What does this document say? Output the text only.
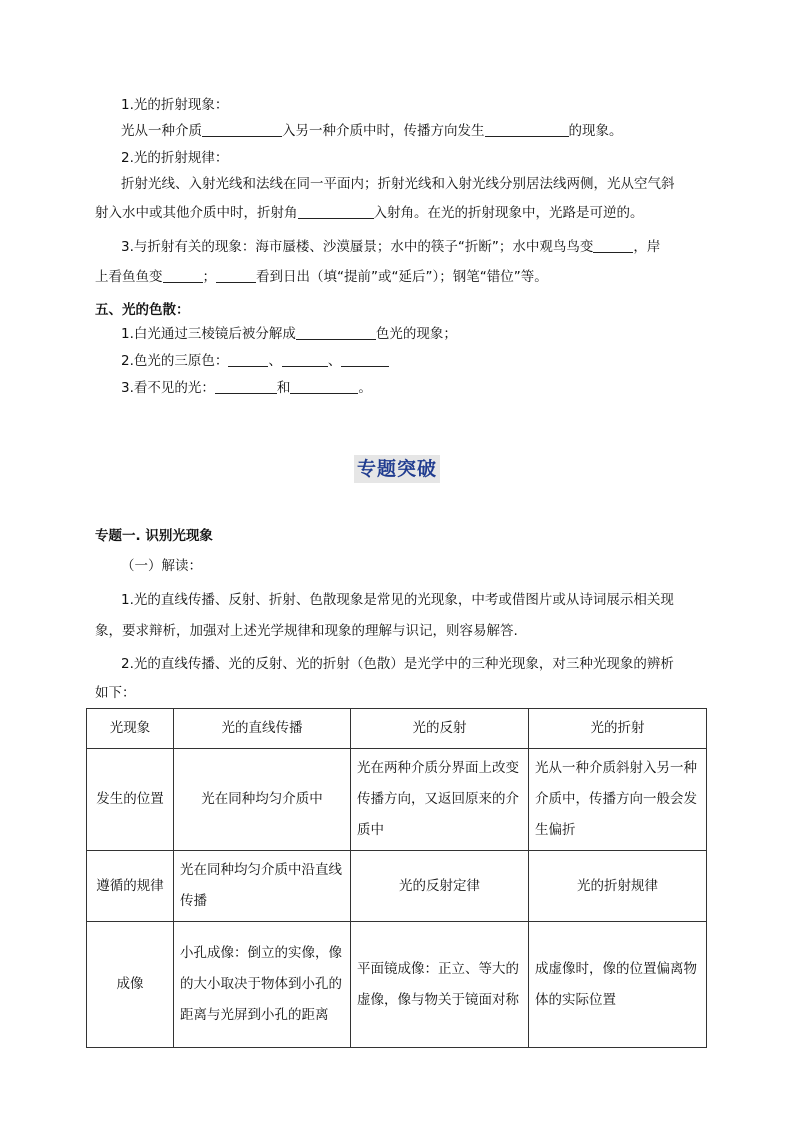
1.光的折射现象：
光从一种介质	入另一种介质中时，传播方向发生	的现象。
2.光的折射规律：
折射光线、入射光线和法线在同一平面内；折射光线和入射光线分别居法线两侧，光从空气斜
射入水中或其他介质中时，折射角	入射角。在光的折射现象中，光路是可逆的。
3.与折射有关的现象：海市蜃楼、沙漠蜃景；水中的筷子“折断”；水中观鸟鸟变	，岸
上看鱼鱼变	；	看到日出（填“提前”或“延后”）；钢笔“错位”等。
五、光的色散：
1.白光通过三棱镜后被分解成	色光的现象；
2.色光的三原色：	、	、
3.看不见的光：	和	。
专题突破
专题一. 识别光现象
（一）解读：
1.光的直线传播、反射、折射、色散现象是常见的光现象，中考或借图片或从诗词展示相关现
象，要求辩析，加强对上述光学规律和现象的理解与识记，则容易解答.
2.光的直线传播、光的反射、光的折射（色散）是光学中的三种光现象，对三种光现象的辨析
如下：
光现象	光的直线传播	光的反射	光的折射
发生的位置	光在同种均匀介质中	光在两种介质分界面上改变传播方向，又返回原来的介质中	光从一种介质斜射入另一种介质中，传播方向一般会发生偏折
遵循的规律	光在同种均匀介质中沿直线传播	光的反射定律	光的折射规律
成像	小孔成像：倒立的实像，像的大小取决于物体到小孔的距离与光屏到小孔的距离	平面镜成像：正立、等大的虚像，像与物关于镜面对称	成虚像时，像的位置偏离物体的实际位置
